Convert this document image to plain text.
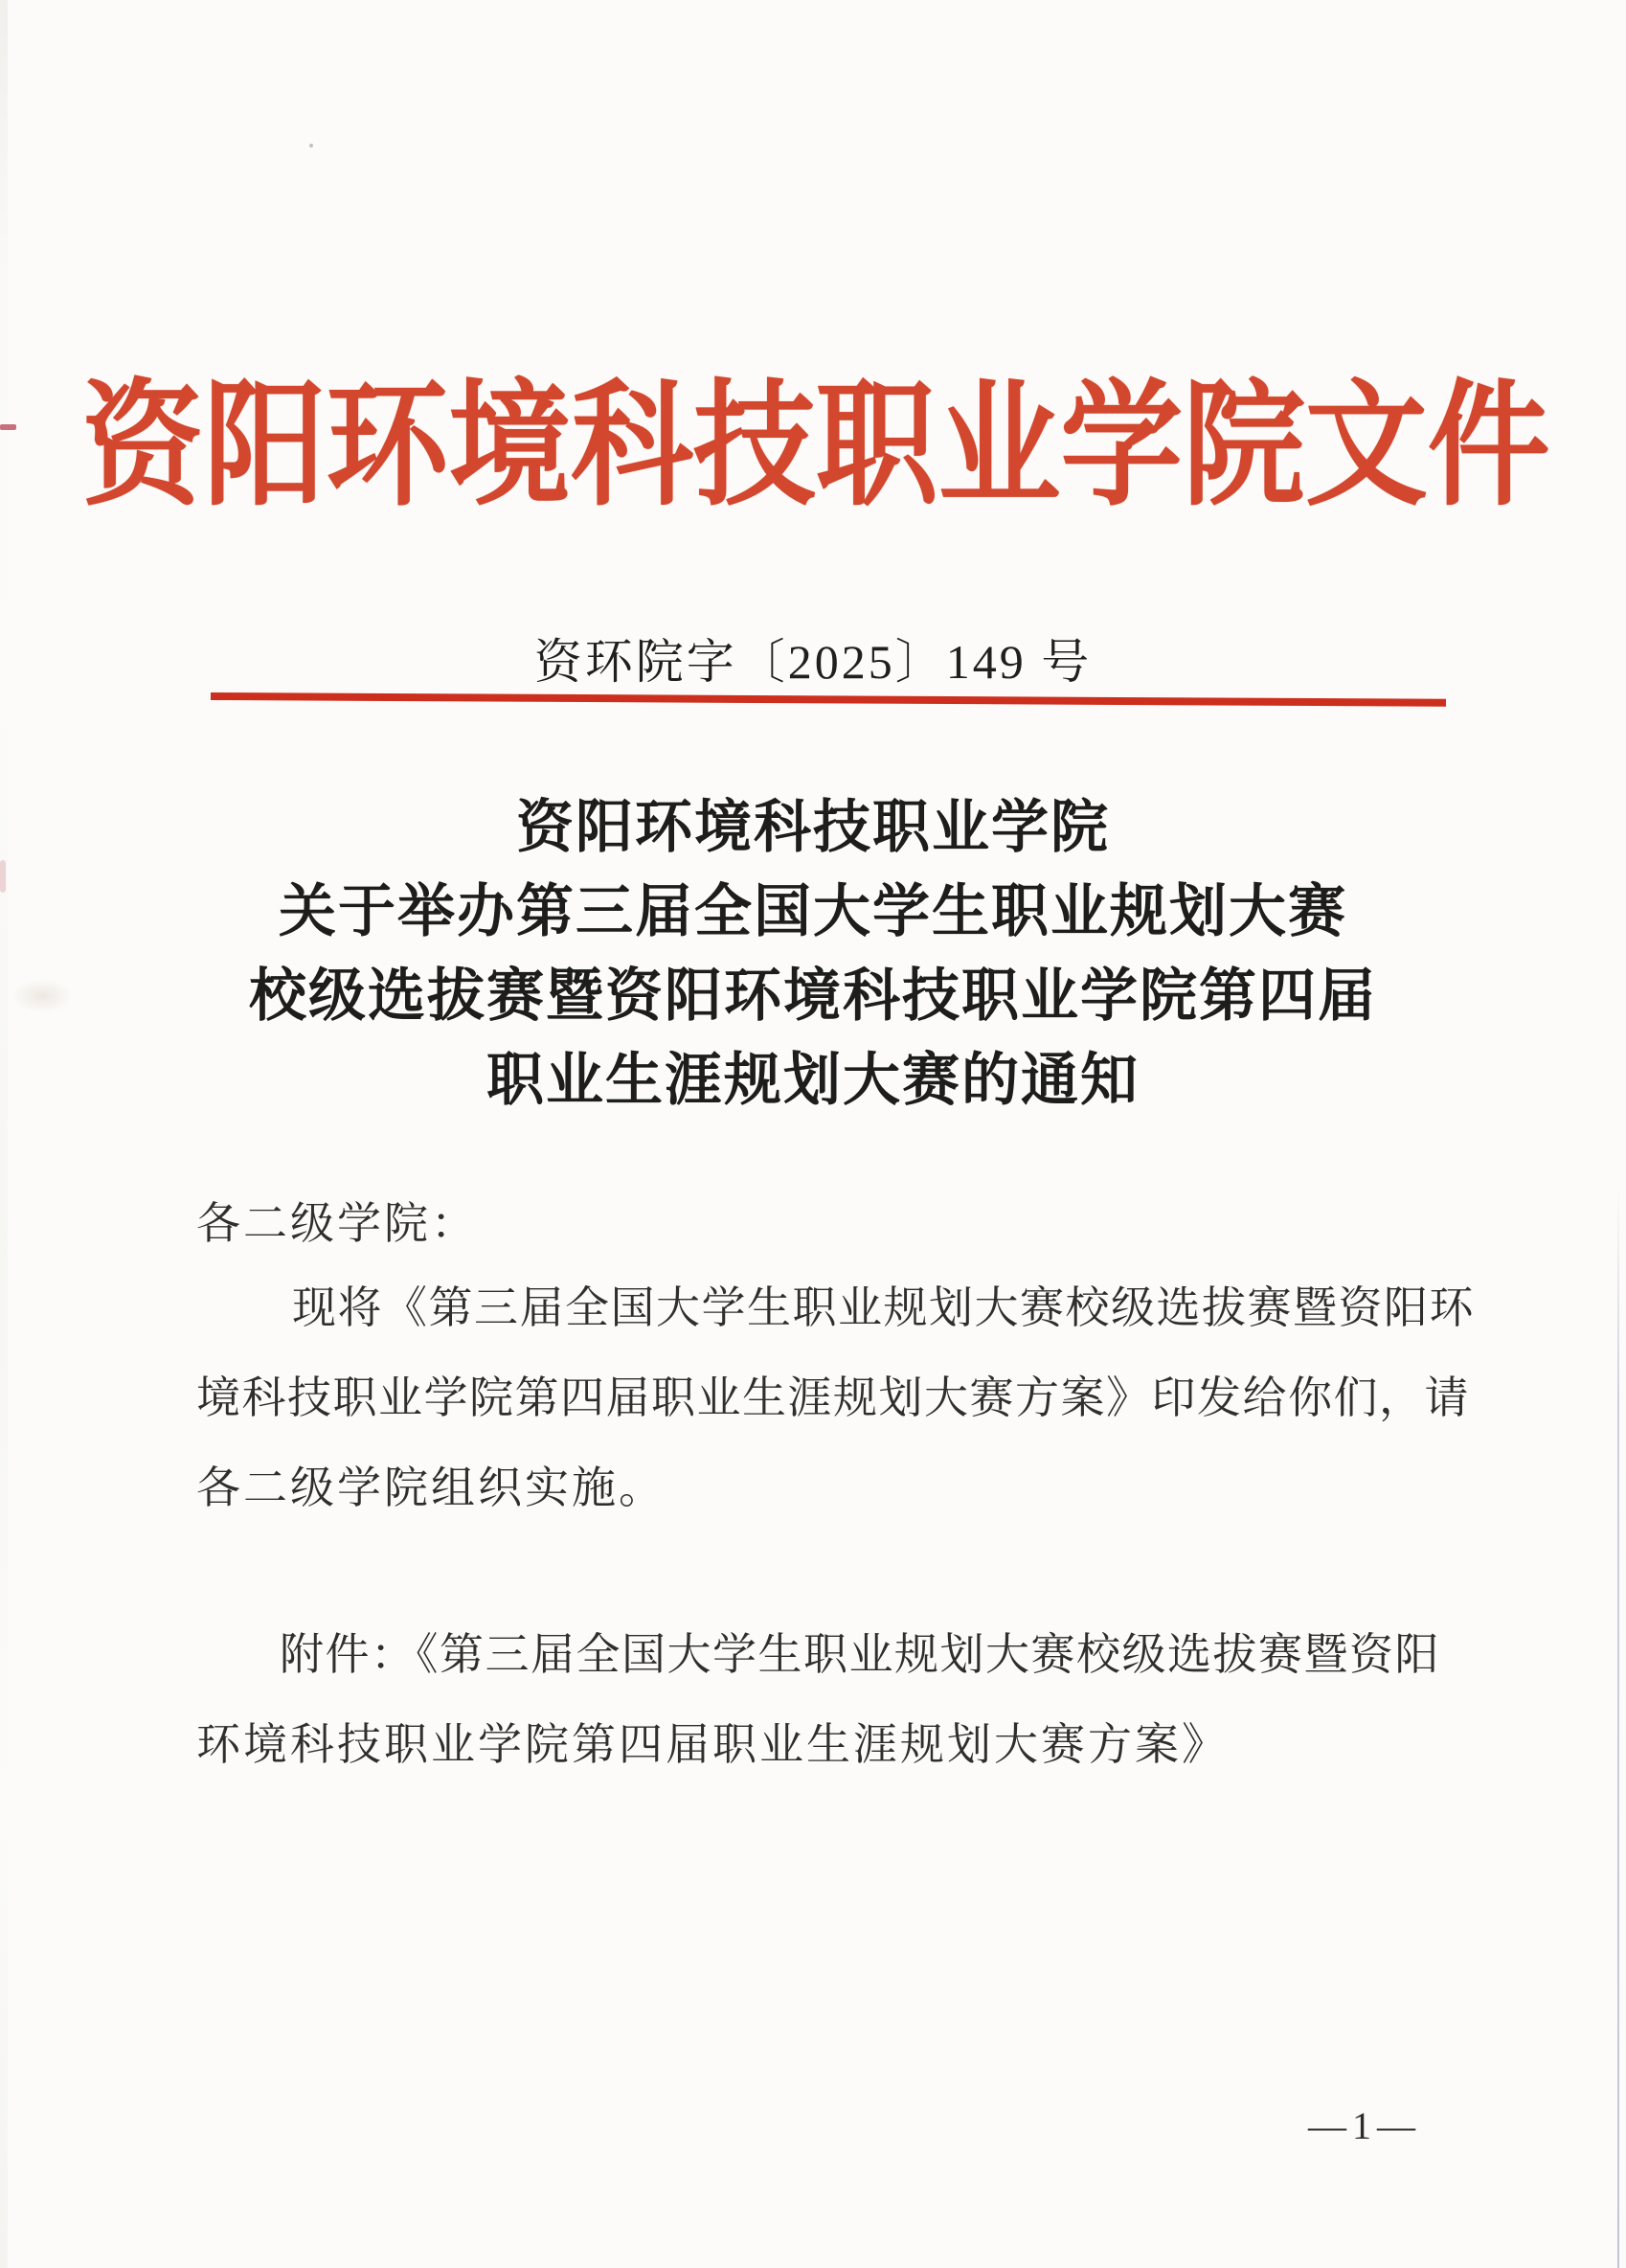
资阳环境科技职业学院文件
资环院字〔2025〕149 号
资阳环境科技职业学院
关于举办第三届全国大学生职业规划大赛
校级选拔赛暨资阳环境科技职业学院第四届
职业生涯规划大赛的通知
各二级学院：
现将《第三届全国大学生职业规划大赛校级选拔赛暨资阳环
境科技职业学院第四届职业生涯规划大赛方案》印发给你们，请
各二级学院组织实施。
附件：《第三届全国大学生职业规划大赛校级选拔赛暨资阳
环境科技职业学院第四届职业生涯规划大赛方案》
—1—
